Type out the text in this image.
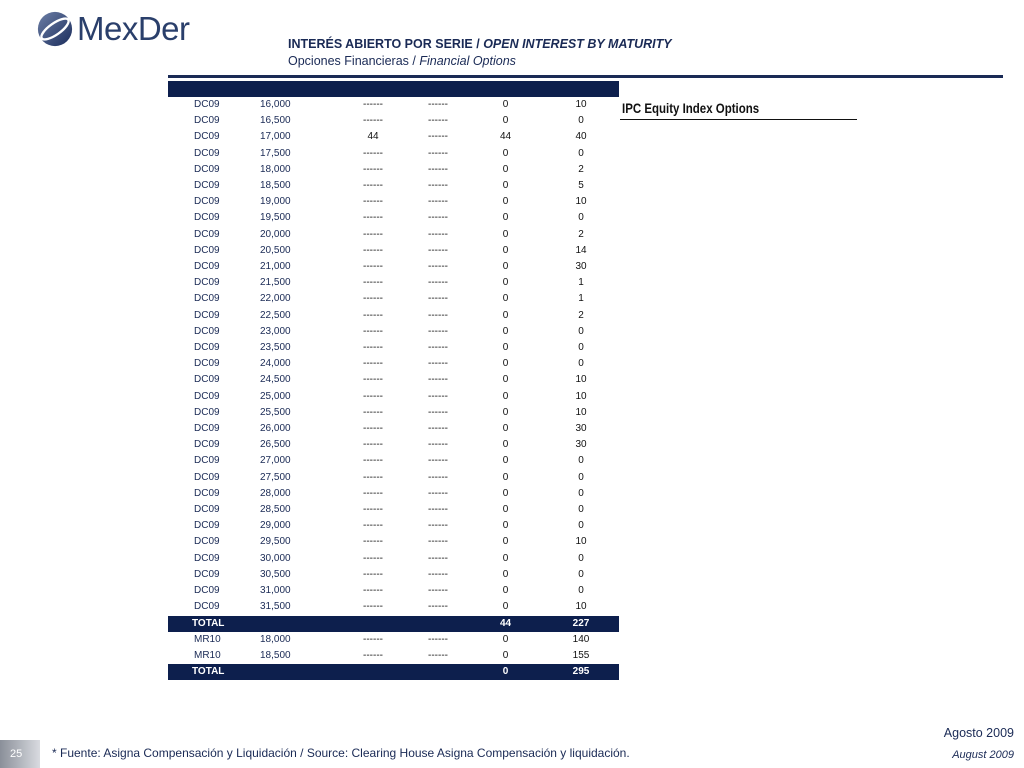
MexDer	INTERÉS ABIERTO POR SERIE / OPEN INTEREST BY MATURITY
Opciones Financieras / Financial Options

DC09	16,000	------	------	0	10
DC09	16,500	------	------	0	0
DC09	17,000	44	------	44	40
DC09	17,500	------	------	0	0
DC09	18,000	------	------	0	2
DC09	18,500	------	------	0	5
DC09	19,000	------	------	0	10
DC09	19,500	------	------	0	0
DC09	20,000	------	------	0	2
DC09	20,500	------	------	0	14
DC09	21,000	------	------	0	30
DC09	21,500	------	------	0	1
DC09	22,000	------	------	0	1
DC09	22,500	------	------	0	2
DC09	23,000	------	------	0	0
DC09	23,500	------	------	0	0
DC09	24,000	------	------	0	0
DC09	24,500	------	------	0	10
DC09	25,000	------	------	0	10
DC09	25,500	------	------	0	10
DC09	26,000	------	------	0	30
DC09	26,500	------	------	0	30
DC09	27,000	------	------	0	0
DC09	27,500	------	------	0	0
DC09	28,000	------	------	0	0
DC09	28,500	------	------	0	0
DC09	29,000	------	------	0	0
DC09	29,500	------	------	0	10
DC09	30,000	------	------	0	0
DC09	30,500	------	------	0	0
DC09	31,000	------	------	0	0
DC09	31,500	------	------	0	10
TOTAL				44	227
MR10	18,000	------	------	0	140
MR10	18,500	------	------	0	155
TOTAL				0	295
IPC Equity Index Options
25	* Fuente: Asigna Compensación y Liquidación / Source: Clearing House Asigna Compensación y liquidación.
Agosto 2009
August 2009
